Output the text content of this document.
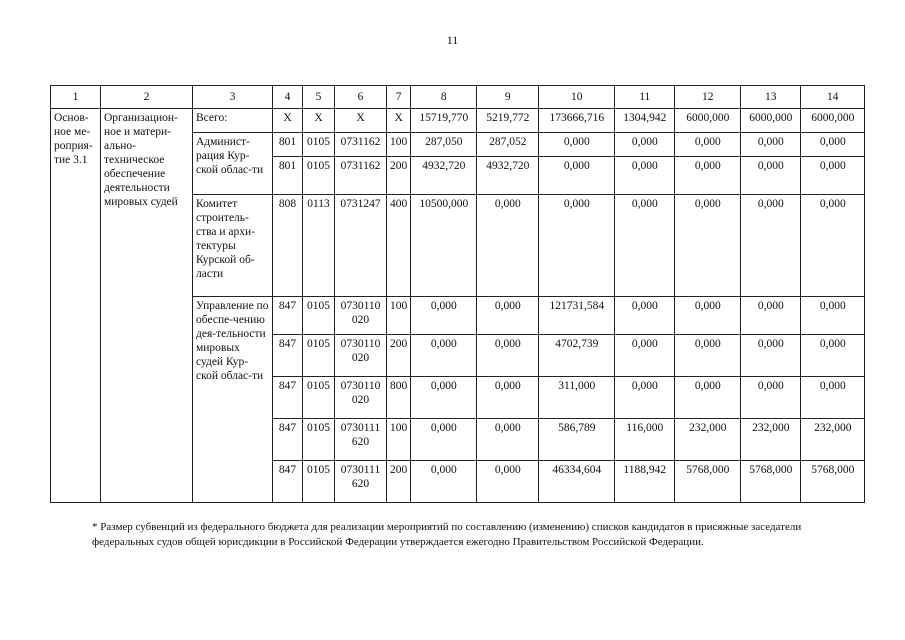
11
1	2	3	4	5	6	7	8	9	10	11	12	13	14
Основ-ное ме-роприя-тие 3.1	Организацион-ное и матери-ально-техническое обеспечение деятельности мировых судей	Всего:	Х	Х	Х	Х	15719,770	5219,772	173666,716	1304,942	6000,000	6000,000	6000,000
		Админист-рация Кур-ской облас-ти	801	0105	0731162	100	287,050	287,052	0,000	0,000	0,000	0,000	0,000
			801	0105	0731162	200	4932,720	4932,720	0,000	0,000	0,000	0,000	0,000
		Комитет строитель-ства и архи-тектуры Курской об-ласти	808	0113	0731247	400	10500,000	0,000	0,000	0,000	0,000	0,000	0,000
		Управление по обеспе-чению дея-тельности мировых судей Кур-ской облас-ти	847	0105	0730110 020	100	0,000	0,000	121731,584	0,000	0,000	0,000	0,000
			847	0105	0730110 020	200	0,000	0,000	4702,739	0,000	0,000	0,000	0,000
			847	0105	0730110 020	800	0,000	0,000	311,000	0,000	0,000	0,000	0,000
			847	0105	0730111 620	100	0,000	0,000	586,789	116,000	232,000	232,000	232,000
			847	0105	0730111 620	200	0,000	0,000	46334,604	1188,942	5768,000	5768,000	5768,000
* Размер субвенций из федерального бюджета для реализации мероприятий по составлению (изменению) списков кандидатов в присяжные заседатели федеральных судов общей юрисдикции в Российской Федерации утверждается ежегодно Правительством Российской Федерации.
